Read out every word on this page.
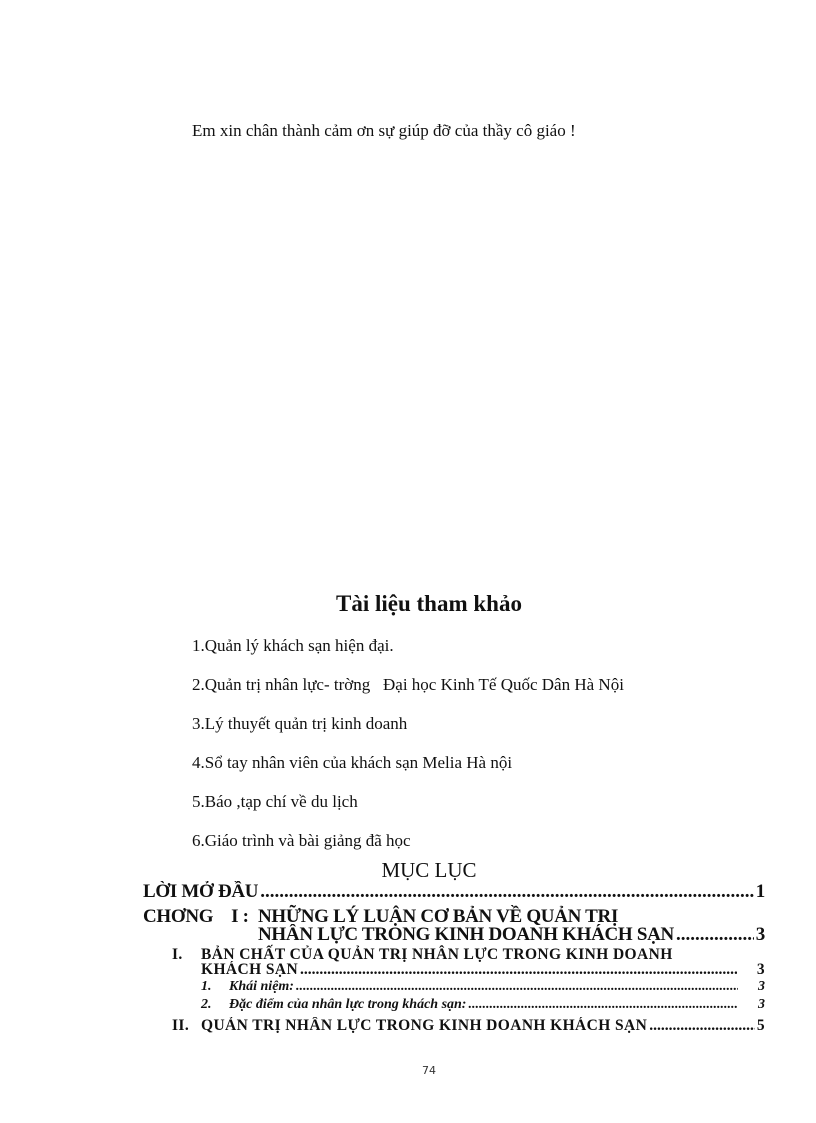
Em xin chân thành cảm ơn sự giúp đỡ của thầy cô giáo !
Tài liệu tham khảo
1.Quản lý khách sạn hiện đại.
2.Quản trị nhân lực- trờng   Đại học Kinh Tế Quốc Dân Hà Nội
3.Lý thuyết quản trị kinh doanh
4.Sổ tay nhân viên của khách sạn Melia Hà nội
5.Báo ,tạp chí về du lịch
6.Giáo trình và bài giảng đã học
MỤC LỤC
LỜI MỞ ĐẦU .....	1
CHƠNG    I : NHỮNG LÝ LUẬN CƠ BẢN VỀ QUẢN TRỊ
NHÂN LỰC TRONG KINH DOANH KHÁCH SẠN .....	3
I. BẢN CHẤT CỦA QUẢN TRỊ NHÂN LỰC TRONG KINH DOANH
KHÁCH SẠN .....	3
1. Khái niệm: .....	3
2. Đặc điểm của nhân lực trong khách sạn: .....	3
II. QUẢN TRỊ NHÂN LỰC TRONG KINH DOANH KHÁCH SẠN .....	5
74
